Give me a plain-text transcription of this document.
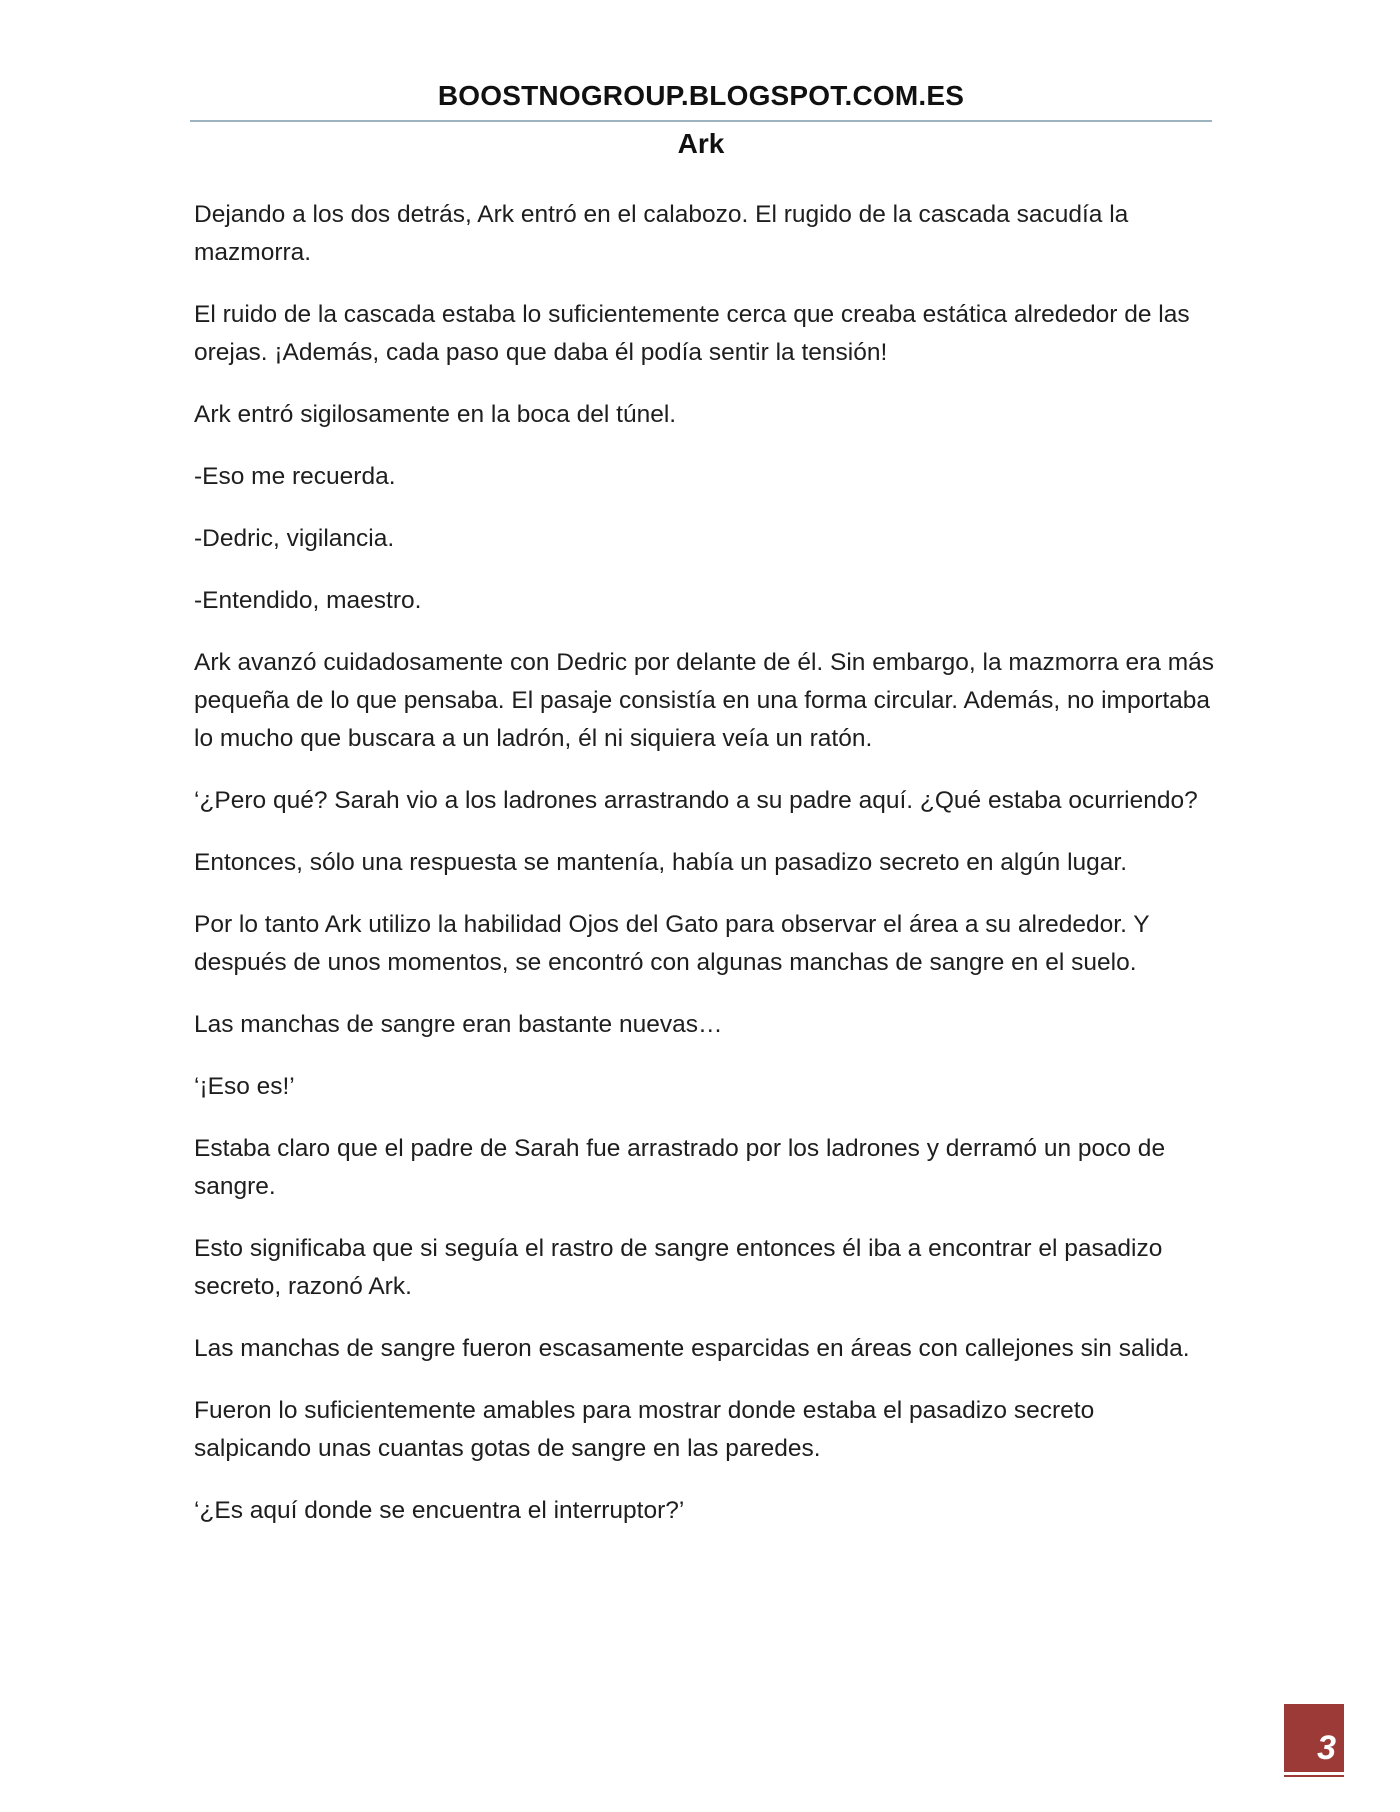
BOOSTNOGROUP.BLOGSPOT.COM.ES
Ark

Dejando a los dos detrás, Ark entró en el calabozo. El rugido de la cascada sacudía la mazmorra.

El ruido de la cascada estaba lo suficientemente cerca que creaba estática alrededor de las orejas. ¡Además, cada paso que daba él podía sentir la tensión!

Ark entró sigilosamente en la boca del túnel.

-Eso me recuerda.

-Dedric, vigilancia.

-Entendido, maestro.

Ark avanzó cuidadosamente con Dedric por delante de él. Sin embargo, la mazmorra era más pequeña de lo que pensaba. El pasaje consistía en una forma circular. Además, no importaba lo mucho que buscara a un ladrón, él ni siquiera veía un ratón.

‘¿Pero qué? Sarah vio a los ladrones arrastrando a su padre aquí. ¿Qué estaba ocurriendo?

Entonces, sólo una respuesta se mantenía, había un pasadizo secreto en algún lugar.

Por lo tanto Ark utilizo la habilidad Ojos del Gato para observar el área a su alrededor. Y después de unos momentos, se encontró con algunas manchas de sangre en el suelo.

Las manchas de sangre eran bastante nuevas…

‘¡Eso es!’

Estaba claro que el padre de Sarah fue arrastrado por los ladrones y derramó un poco de sangre.

Esto significaba que si seguía el rastro de sangre entonces él iba a encontrar el pasadizo secreto, razonó Ark.

Las manchas de sangre fueron escasamente esparcidas en áreas con callejones sin salida.

Fueron lo suficientemente amables para mostrar donde estaba el pasadizo secreto salpicando unas cuantas gotas de sangre en las paredes.

‘¿Es aquí donde se encuentra el interruptor?’

3
